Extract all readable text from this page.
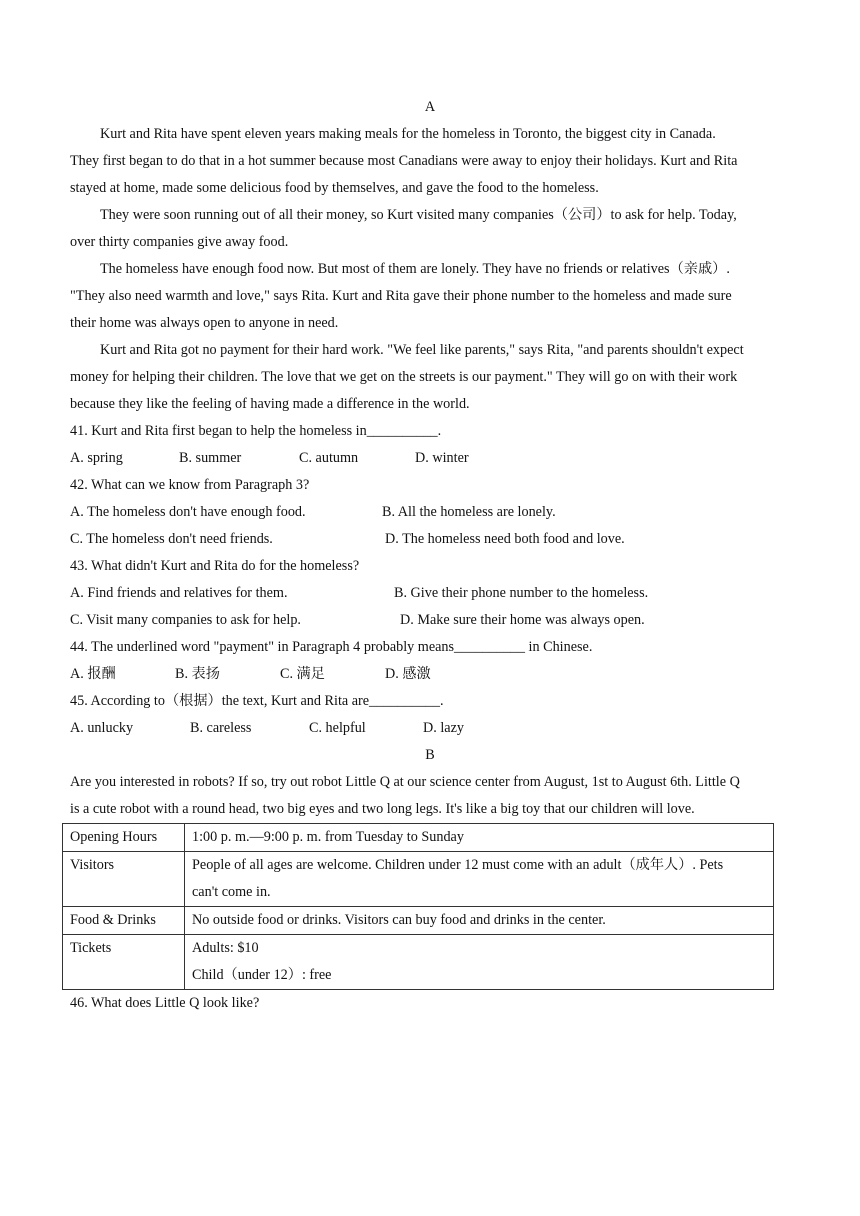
A
Kurt and Rita have spent eleven years making meals for the homeless in Toronto, the biggest city in Canada.
They first began to do that in a hot summer because most Canadians were away to enjoy their holidays. Kurt and Rita
stayed at home, made some delicious food by themselves, and gave the food to the homeless.
They were soon running out of all their money, so Kurt visited many companies（公司）to ask for help. Today,
over thirty companies give away food.
The homeless have enough food now. But most of them are lonely. They have no friends or relatives（亲戚）.
"They also need warmth and love," says Rita. Kurt and Rita gave their phone number to the homeless and made sure
their home was always open to anyone in need.
Kurt and Rita got no payment for their hard work. "We feel like parents," says Rita, "and parents shouldn't expect
money for helping their children. The love that we get on the streets is our payment." They will go on with their work
because they like the feeling of having made a difference in the world.
41. Kurt and Rita first began to help the homeless in__________.
A. spring	B. summer	C. autumn	D. winter
42. What can we know from Paragraph 3?
A. The homeless don't have enough food.	B. All the homeless are lonely.
C. The homeless don't need friends.	D. The homeless need both food and love.
43. What didn't Kurt and Rita do for the homeless?
A. Find friends and relatives for them.	B. Give their phone number to the homeless.
C. Visit many companies to ask for help.	D. Make sure their home was always open.
44. The underlined word "payment" in Paragraph 4 probably means__________ in Chinese.
A. 报酬	B. 表扬	C. 满足	D. 感激
45. According to（根据）the text, Kurt and Rita are__________.
A. unlucky	B. careless	C. helpful	D. lazy
B
Are you interested in robots? If so, try out robot Little Q at our science center from August, 1st to August 6th. Little Q
is a cute robot with a round head, two big eyes and two long legs. It's like a big toy that our children will love.
Opening Hours	1:00 p. m.—9:00 p. m. from Tuesday to Sunday

Visitors	People of all ages are welcome. Children under 12 must come with an adult（成年人）. Pets
can't come in.

Food & Drinks	No outside food or drinks. Visitors can buy food and drinks in the center.

Tickets	Adults: $10
Child（under 12）: free
46. What does Little Q look like?
